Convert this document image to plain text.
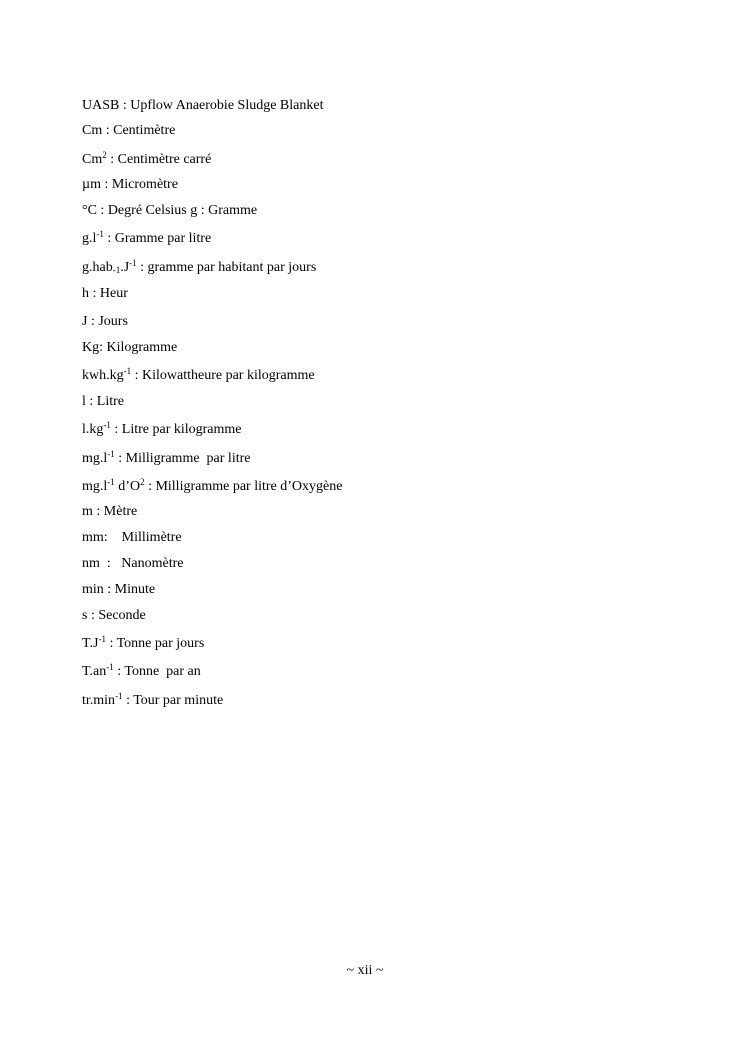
UASB : Upflow Anaerobie Sludge Blanket
Cm : Centimètre
Cm$^2$ : Centimètre carré
µm : Micromètre
°C : Degré Celsius g : Gramme
$g.l^{-1}$ : Gramme par litre
$g.hab_{-1}.J^{-1}$ : gramme par habitant par jours
h : Heur
J : Jours
Kg: Kilogramme
$kwh.kg^{-1}$ : Kilowattheure par kilogramme
l : Litre
$l.kg^{-1}$ : Litre par kilogramme
$mg.l^{-1}$ : Milligramme  par litre
$mg.l^{-1}$ $d’O^2$ : Milligramme par litre d’Oxygène
m : Mètre
mm:    Millimètre
nm  :   Nanomètre
min : Minute
s : Seconde
$T.J^{-1}$ : Tonne par jours
$T.an^{-1}$ : Tonne  par an
$tr.\min^{-1}$ : Tour par minute
~ xii ~
